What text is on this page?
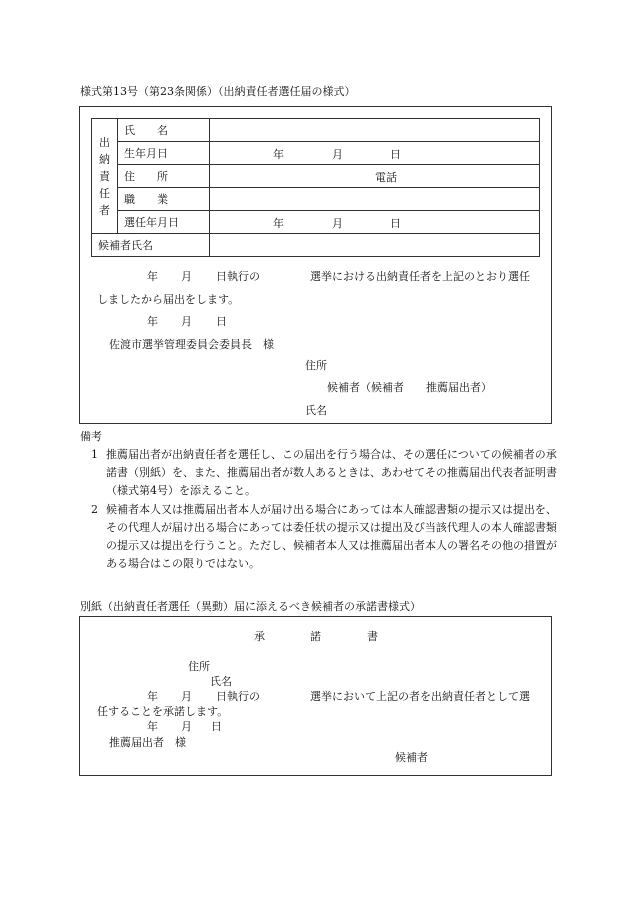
様式第13号（第23条関係）（出納責任者選任届の様式）
出納責任者	氏　　名	
	生年月日	年 月 日

	住　　所	電話

	職　　業	
	選任年月日	年 月 日

候補者氏名		
年 月 日執行の	選挙における出納責任者を上記のとおり選任
しましたから届出をします。
年 月 日
佐渡市選挙管理委員会委員長　様
住所
候補者（候補者　　推薦届出者）
氏名
備考
1 推薦届出者が出納責任者を選任し、この届出を行う場合は、その選任についての候補者の承諾書（別紙）を、また、推薦届出者が数人あるときは、あわせてその推薦届出代表者証明書（様式第4号）を添えること。
2 候補者本人又は推薦届出者本人が届け出る場合にあっては本人確認書類の提示又は提出を、その代理人が届け出る場合にあっては委任状の提示又は提出及び当該代理人の本人確認書類の提示又は提出を行うこと。ただし、候補者本人又は推薦届出者本人の署名その他の措置がある場合はこの限りではない。
別紙（出納責任者選任（異動）届に添えるべき候補者の承諾書様式）
承	諾	書
住所
氏名
年 月 日執行の	選挙において上記の者を出納責任者として選
任することを承諾します。
年 月 日
推薦届出者　様
候補者
